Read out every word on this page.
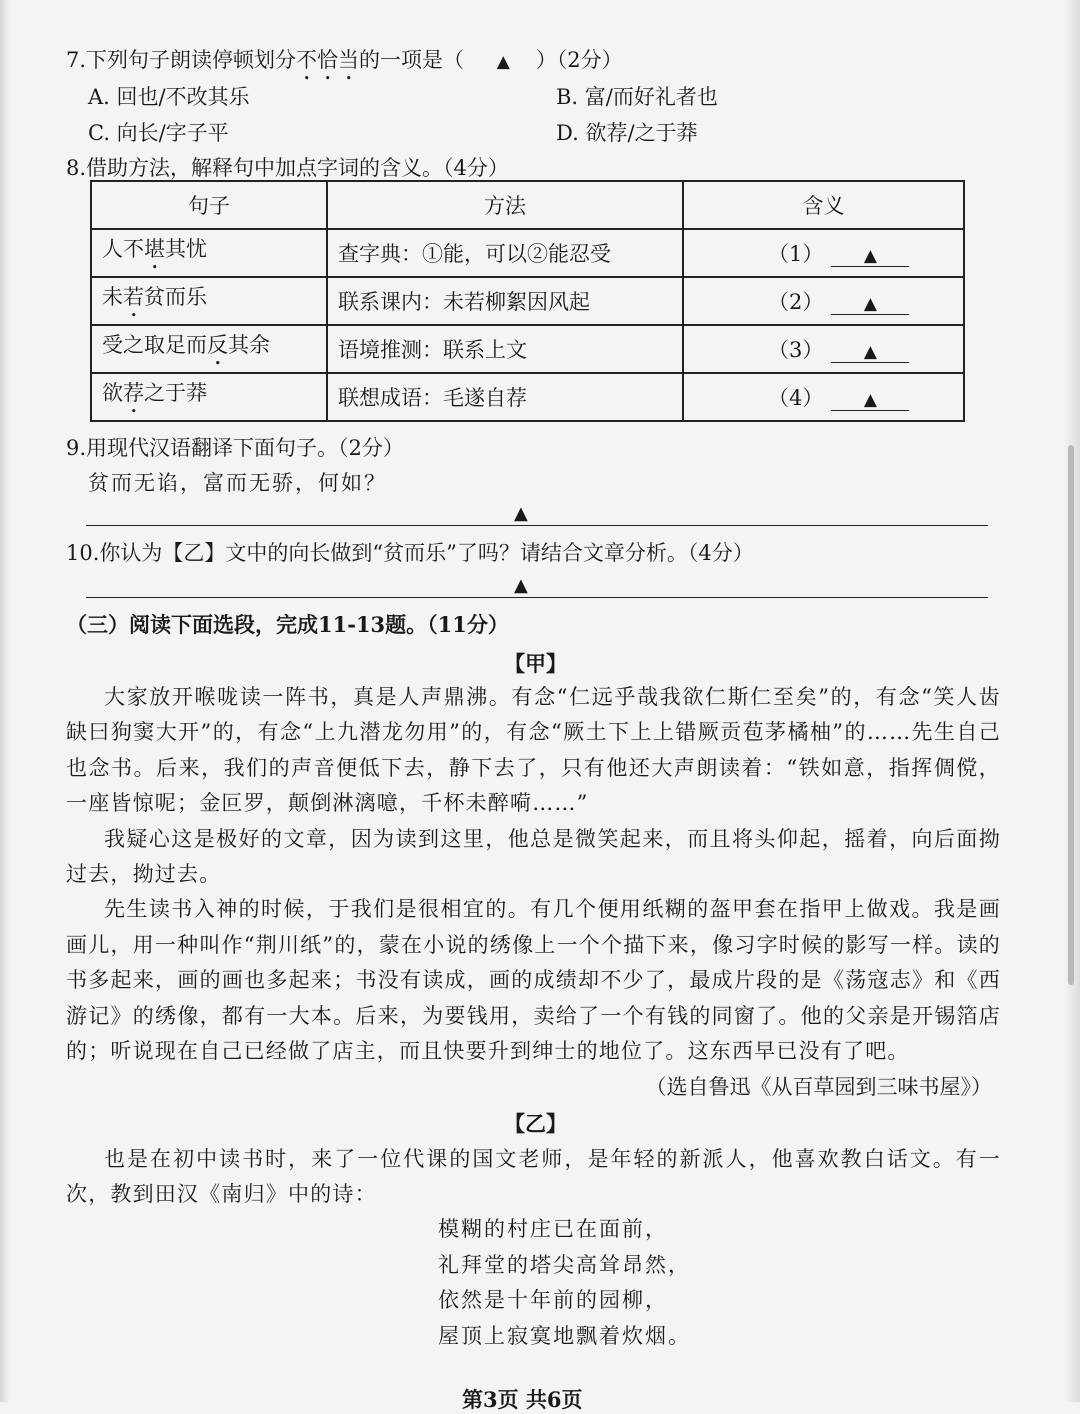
7.下列句子朗读停顿划分不恰当的一项是（ ▲ ）（2分）
A. 回也/不改其乐	B. 富/而好礼者也
C. 向长/字子平	D. 欲荐/之于莽
8.借助方法，解释句中加点字词的含义。（4分）
句子	方法	含义
人不堪其忧	查字典：①能，可以②能忍受	（1） ▲
未若贫而乐	联系课内：未若柳絮因风起	（2） ▲
受之取足而反其余	语境推测：联系上文	（3） ▲
欲荐之于莽	联想成语：毛遂自荐	（4） ▲
9.用现代汉语翻译下面句子。（2分）
贫而无谄，富而无骄，何如？
▲
10.你认为【乙】文中的向长做到“贫而乐”了吗？请结合文章分析。（4分）
▲
（三）阅读下面选段，完成11-13题。（11分）
【甲】

大家放开喉咙读一阵书，真是人声鼎沸。有念“仁远乎哉我欲仁斯仁至矣”的，有念“笑人齿缺曰狗窦大开”的，有念“上九潜龙勿用”的，有念“厥土下上上错厥贡苞茅橘柚”的……先生自己也念书。后来，我们的声音便低下去，静下去了，只有他还大声朗读着：“铁如意，指挥倜傥，一座皆惊呢；金叵罗，颠倒淋漓噫，千杯未醉嗬……”

我疑心这是极好的文章，因为读到这里，他总是微笑起来，而且将头仰起，摇着，向后面拗过去，拗过去。

先生读书入神的时候，于我们是很相宜的。有几个便用纸糊的盔甲套在指甲上做戏。我是画画儿，用一种叫作“荆川纸”的，蒙在小说的绣像上一个个描下来，像习字时候的影写一样。读的书多起来，画的画也多起来；书没有读成，画的成绩却不少了，最成片段的是《荡寇志》和《西游记》的绣像，都有一大本。后来，为要钱用，卖给了一个有钱的同窗了。他的父亲是开锡箔店的；听说现在自己已经做了店主，而且快要升到绅士的地位了。这东西早已没有了吧。

（选自鲁迅《从百草园到三味书屋》）
【乙】

也是在初中读书时，来了一位代课的国文老师，是年轻的新派人，他喜欢教白话文。有一次，教到田汉《南归》中的诗：

模糊的村庄已在面前，
礼拜堂的塔尖高耸昂然，
依然是十年前的园柳，
屋顶上寂寞地飘着炊烟。
第3页 共6页
